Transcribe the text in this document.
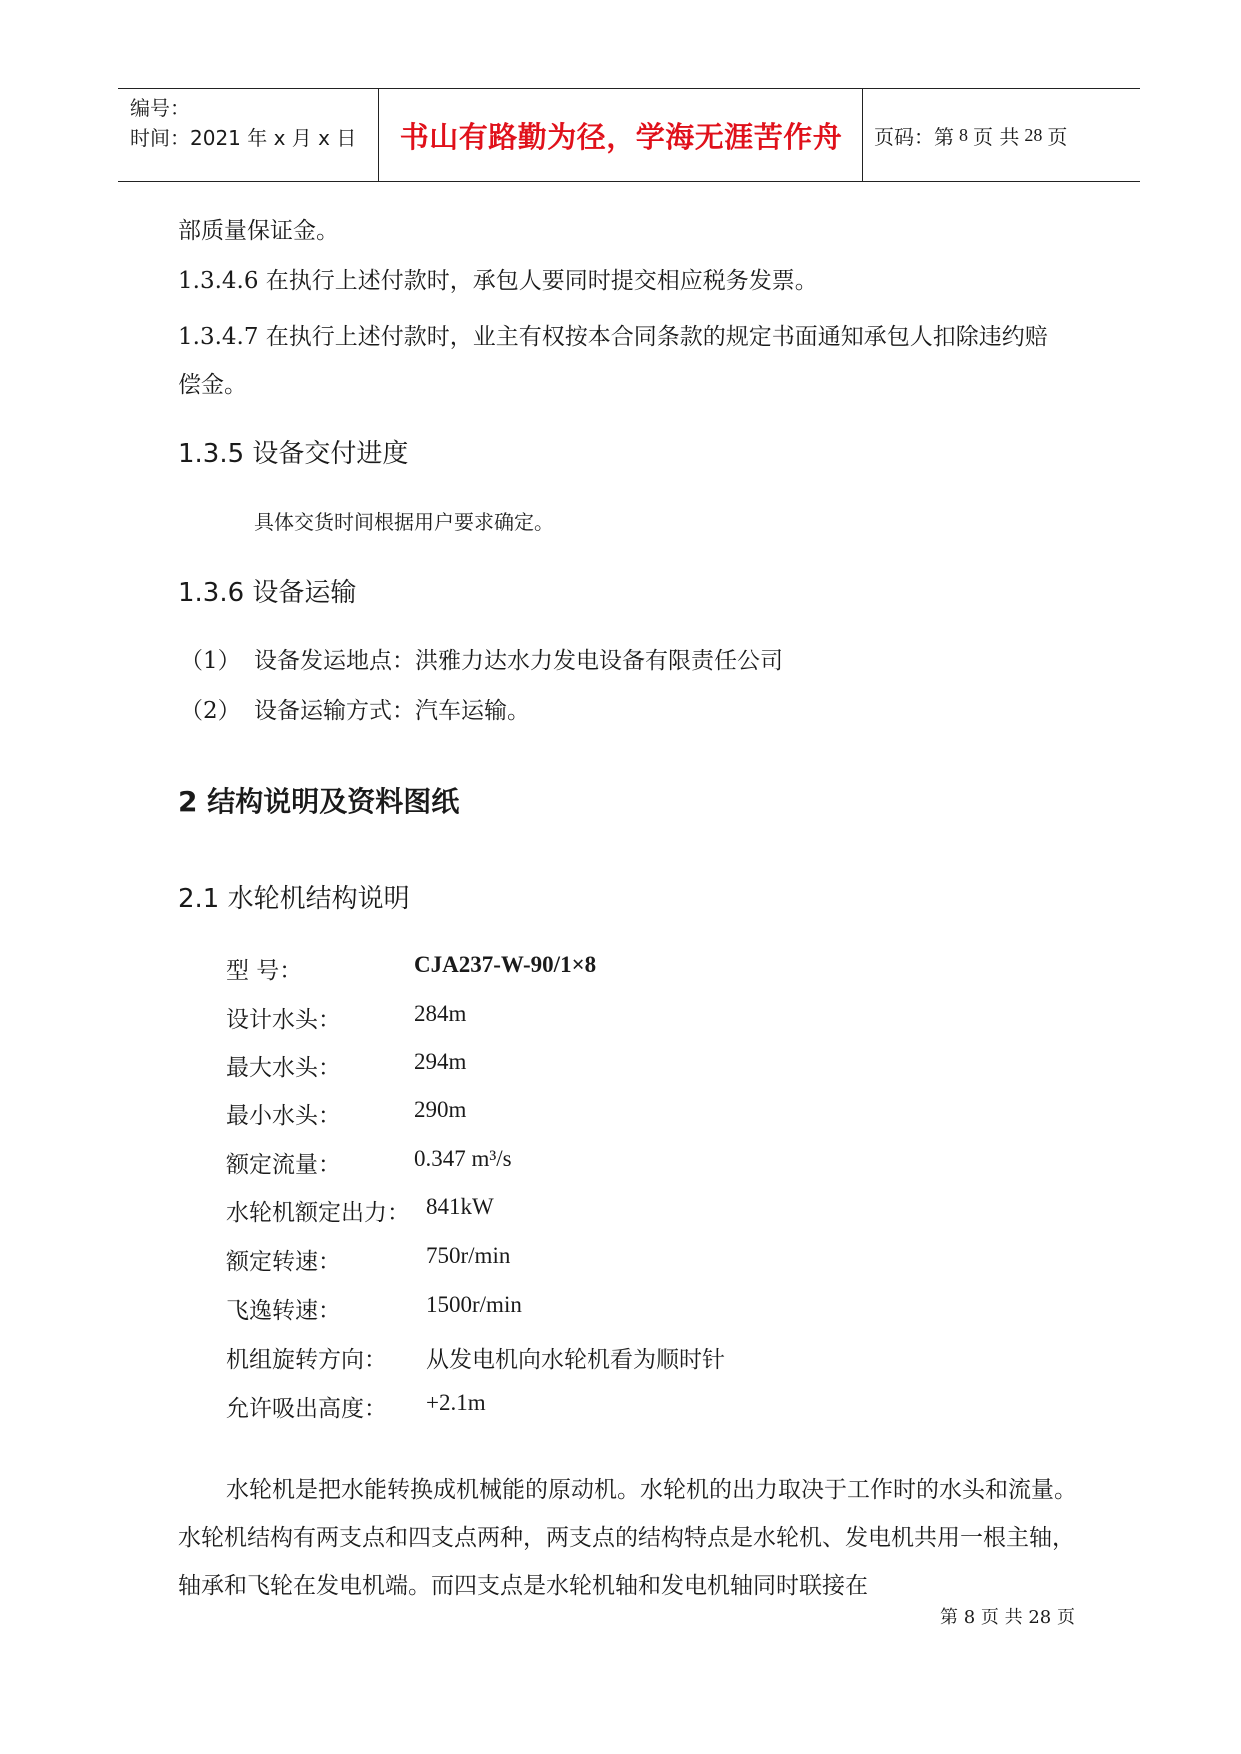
编号：
时间：2021 年 x 月 x 日	书山有路勤为径，学海无涯苦作舟	页码：第 8 页 共 28 页
部质量保证金。
1.3.4.6 在执行上述付款时，承包人要同时提交相应税务发票。
1.3.4.7 在执行上述付款时，业主有权按本合同条款的规定书面通知承包人扣除违约赔
偿金。
1.3.5 设备交付进度
具体交货时间根据用户要求确定。
1.3.6 设备运输
（1） 设备发运地点：洪雅力达水力发电设备有限责任公司
（2） 设备运输方式：汽车运输。
2 结构说明及资料图纸
2.1 水轮机结构说明
型 号：	CJA237-W-90/1×8
设计水头：	284m
最大水头：	294m
最小水头：	290m
额定流量：	0.347 m³/s
水轮机额定出力： 841kW
额定转速：	750r/min
飞逸转速：	1500r/min
机组旋转方向： 从发电机向水轮机看为顺时针
允许吸出高度： +2.1m
水轮机是把水能转换成机械能的原动机。水轮机的出力取决于工作时的水头和流量。水轮机结构有两支点和四支点两种，两支点的结构特点是水轮机、发电机共用一根主轴，轴承和飞轮在发电机端。而四支点是水轮机轴和发电机轴同时联接在
第 8 页 共 28 页
